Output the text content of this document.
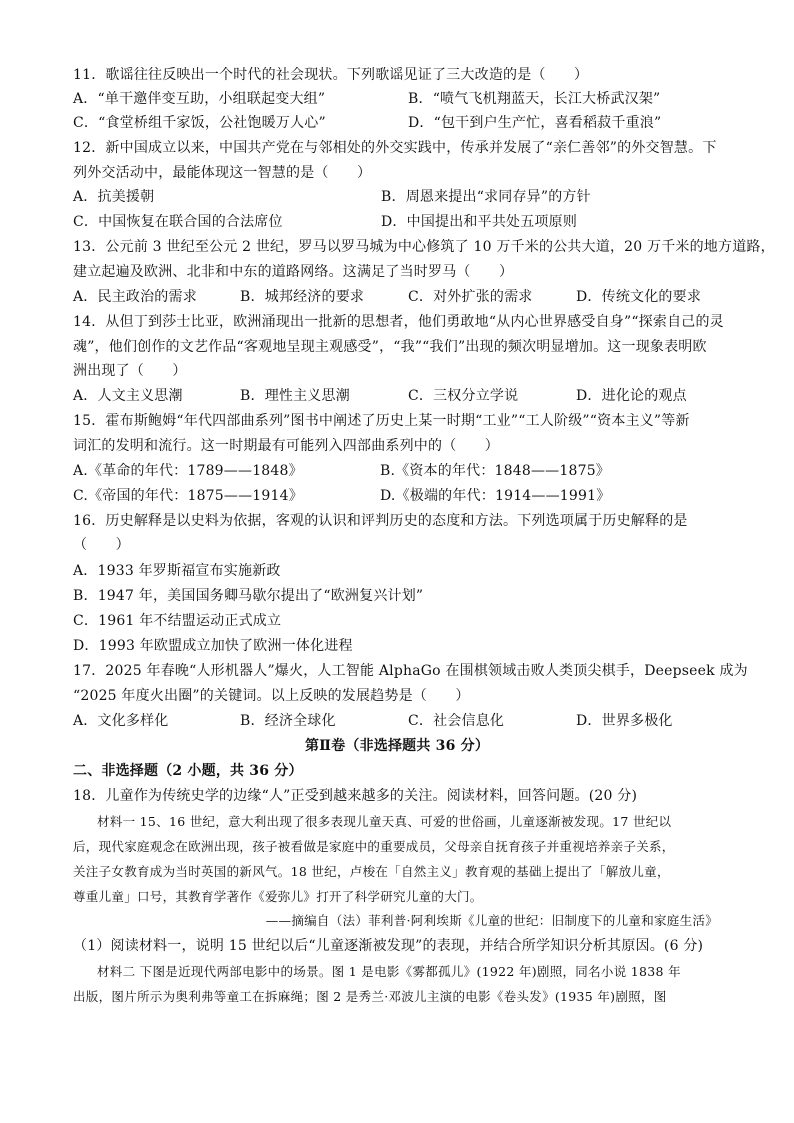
11．歌谣往往反映出一个时代的社会现状。下列歌谣见证了三大改造的是（　　）
A．“单干邀伴变互助，小组联起变大组”	B．“喷气飞机翔蓝天，长江大桥武汉架”
C．“食堂桥组千家饭，公社饱暖万人心”	D．“包干到户生产忙，喜看稻菽千重浪”
12．新中国成立以来，中国共产党在与邻相处的外交实践中，传承并发展了“亲仁善邻”的外交智慧。下
列外交活动中，最能体现这一智慧的是（　　）
A．抗美援朝	B．周恩来提出“求同存异”的方针
C．中国恢复在联合国的合法席位	D．中国提出和平共处五项原则
13．公元前 3 世纪至公元 2 世纪，罗马以罗马城为中心修筑了 10 万千米的公共大道，20 万千米的地方道路，
建立起遍及欧洲、北非和中东的道路网络。这满足了当时罗马（　　）
A．民主政治的需求	B．城邦经济的要求	C．对外扩张的需求	D．传统文化的要求
14．从但丁到莎士比亚，欧洲涌现出一批新的思想者，他们勇敢地“从内心世界感受自身”“探索自己的灵
魂”，他们创作的文艺作品“客观地呈现主观感受”，“我”“我们”出现的频次明显增加。这一现象表明欧
洲出现了（　　）
A．人文主义思潮	B．理性主义思潮	C．三权分立学说	D．进化论的观点
15．霍布斯鲍姆“年代四部曲系列”图书中阐述了历史上某一时期“工业”“工人阶级”“资本主义”等新
词汇的发明和流行。这一时期最有可能列入四部曲系列中的（　　）
A.《革命的年代：1789——1848》	B.《资本的年代：1848——1875》
C.《帝国的年代：1875——1914》	D.《极端的年代：1914——1991》
16．历史解释是以史料为依据，客观的认识和评判历史的态度和方法。下列选项属于历史解释的是
（　　）
A．1933 年罗斯福宣布实施新政
B．1947 年，美国国务卿马歇尔提出了“欧洲复兴计划”
C．1961 年不结盟运动正式成立
D．1993 年欧盟成立加快了欧洲一体化进程
17．2025 年春晚“人形机器人”爆火，人工智能 AlphaGo 在围棋领域击败人类顶尖棋手，Deepseek 成为
“2025 年度火出圈”的关键词。以上反映的发展趋势是（　　）
A．文化多样化	B．经济全球化	C．社会信息化	D．世界多极化
第Ⅱ卷（非选择题共 36 分）
二、非选择题（2 小题，共 36 分）
18．儿童作为传统史学的边缘“人”正受到越来越多的关注。阅读材料，回答问题。(20 分)
材料一 15、16 世纪，意大利出现了很多表现儿童天真、可爱的世俗画，儿童逐渐被发现。17 世纪以
后，现代家庭观念在欧洲出现，孩子被看做是家庭中的重要成员，父母亲自抚育孩子并重视培养亲子关系，
关注子女教育成为当时英国的新风气。18 世纪，卢梭在「自然主义」教育观的基础上提出了「解放儿童，
尊重儿童」口号，其教育学著作《爱弥儿》打开了科学研究儿童的大门。
——摘编自（法）菲利普·阿利埃斯《儿童的世纪：旧制度下的儿童和家庭生活》
（1）阅读材料一，说明 15 世纪以后“儿童逐渐被发现”的表现，并结合所学知识分析其原因。(6 分)
材料二 下图是近现代两部电影中的场景。图 1 是电影《雾都孤儿》(1922 年)剧照，同名小说 1838 年
出版，图片所示为奥利弗等童工在拆麻绳；图 2 是秀兰·邓波儿主演的电影《卷头发》(1935 年)剧照，图
